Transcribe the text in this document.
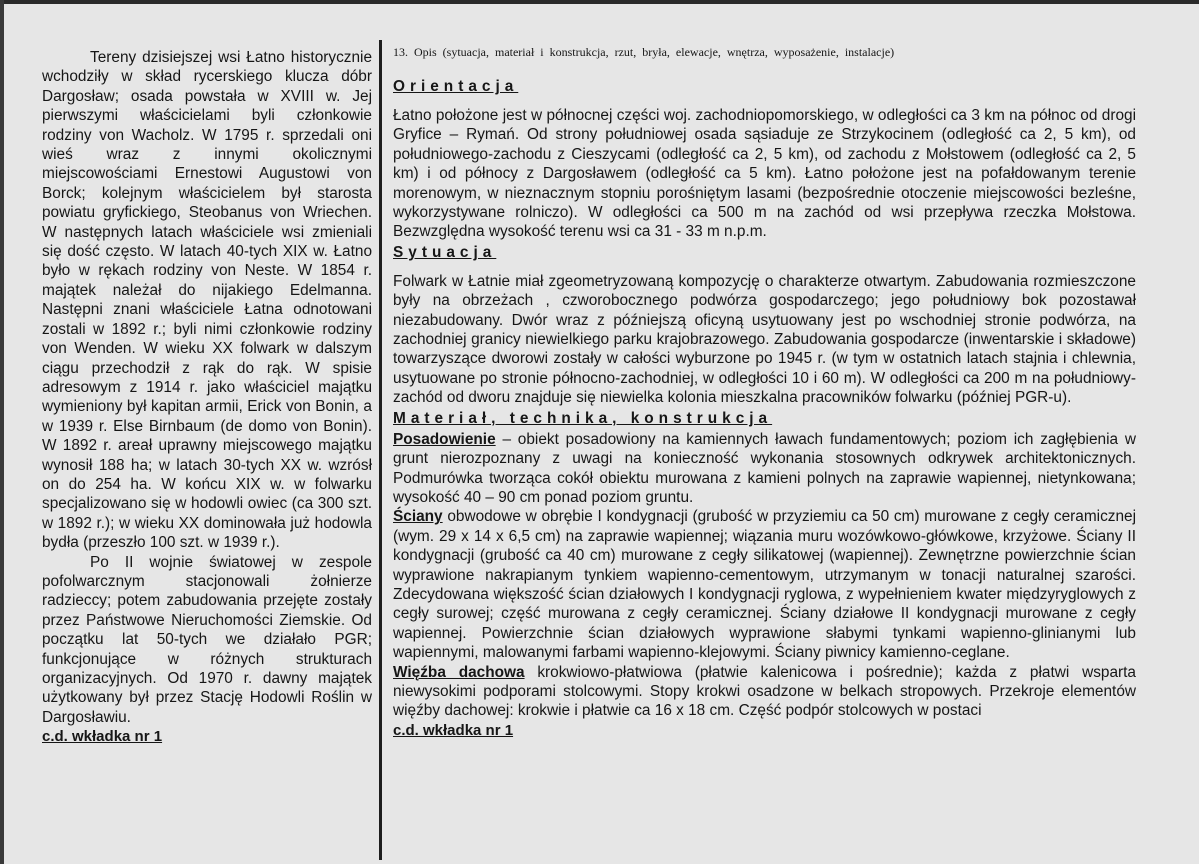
Tereny dzisiejszej wsi Łatno historycznie wchodziły w skład rycerskiego klucza dóbr Dargosław; osada powstała w XVIII w. Jej pierwszymi właścicielami byli członkowie rodziny von Wacholz. W 1795 r. sprzedali oni wieś wraz z innymi okolicznymi miejscowościami Ernestowi Augustowi von Borck; kolejnym właścicielem był starosta powiatu gryfickiego, Steobanus von Wriechen. W następnych latach właściciele wsi zmieniali się dość często. W latach 40-tych XIX w. Łatno było w rękach rodziny von Neste. W 1854 r. majątek należał do nijakiego Edelmanna. Następni znani właściciele Łatna odnotowani zostali w 1892 r.; byli nimi członkowie rodziny von Wenden. W wieku XX folwark w dalszym ciągu przechodził z rąk do rąk. W spisie adresowym z 1914 r. jako właściciel majątku wymieniony był kapitan armii, Erick von Bonin, a w 1939 r. Else Birnbaum (de domo von Bonin). W 1892 r. areał uprawny miejscowego majątku wynosił 188 ha; w latach 30-tych XX w. wzrósł on do 254 ha. W końcu XIX w. w folwarku specjalizowano się w hodowli owiec (ca 300 szt. w 1892 r.); w wieku XX dominowała już hodowla bydła (przeszło 100 szt. w 1939 r.).

Po II wojnie światowej w zespole pofolwarcznym stacjonowali żołnierze radzieccy; potem zabudowania przejęte zostały przez Państwowe Nieruchomości Ziemskie. Od początku lat 50-tych we działało PGR; funkcjonujące w różnych strukturach organizacyjnych. Od 1970 r. dawny majątek użytkowany był przez Stację Hodowli Roślin w Dargosławiu.

c.d. wkładka nr 1
13. Opis (sytuacja, materiał i konstrukcja, rzut, bryła, elewacje, wnętrza, wyposażenie, instalacje)
Orientacja

Łatno położone jest w północnej części woj. zachodniopomorskiego, w odległości ca 3 km na północ od drogi Gryfice – Rymań. Od strony południowej osada sąsiaduje ze Strzykocinem (odległość ca 2, 5 km), od południowego-zachodu z Cieszycami (odległość ca 2, 5 km), od zachodu z Mołstowem (odległość ca 2, 5 km) i od północy z Dargosławem (odległość ca 5 km). Łatno położone jest na pofałdowanym terenie morenowym, w nieznacznym stopniu porośniętym lasami (bezpośrednie otoczenie miejscowości bezleśne, wykorzystywane rolniczo). W odległości ca 500 m na zachód od wsi przepływa rzeczka Mołstowa. Bezwzględna wysokość terenu wsi ca 31 - 33 m n.p.m.

Sytuacja

Folwark w Łatnie miał zgeometryzowaną kompozycję o charakterze otwartym. Zabudowania rozmieszczone były na obrzeżach , czworobocznego podwórza gospodarczego; jego południowy bok pozostawał niezabudowany. Dwór wraz z późniejszą oficyną usytuowany jest po wschodniej stronie podwórza, na zachodniej granicy niewielkiego parku krajobrazowego. Zabudowania gospodarcze (inwentarskie i składowe) towarzyszące dworowi zostały w całości wyburzone po 1945 r. (w tym w ostatnich latach stajnia i chlewnia, usytuowane po stronie północno-zachodniej, w odległości 10 i 60 m). W odległości ca 200 m na południowy-zachód od dworu znajduje się niewielka kolonia mieszkalna pracowników folwarku (później PGR-u).

Materiał, technika, konstrukcja

Posadowienie – obiekt posadowiony na kamiennych ławach fundamentowych; poziom ich zagłębienia w grunt nierozpoznany z uwagi na konieczność wykonania stosownych odkrywek architektonicznych. Podmurówka tworząca cokół obiektu murowana z kamieni polnych na zaprawie wapiennej, nietynkowana; wysokość 40 – 90 cm ponad poziom gruntu.

Ściany obwodowe w obrębie I kondygnacji (grubość w przyziemiu ca 50 cm) murowane z cegły ceramicznej (wym. 29 x 14 x 6,5 cm) na zaprawie wapiennej; wiązania muru wozówkowo-główkowe, krzyżowe. Ściany II kondygnacji (grubość ca 40 cm) murowane z cegły silikatowej (wapiennej). Zewnętrzne powierzchnie ścian wyprawione nakrapianym tynkiem wapienno-cementowym, utrzymanym w tonacji naturalnej szarości. Zdecydowana większość ścian działowych I kondygnacji ryglowa, z wypełnieniem kwater międzyryglowych z cegły surowej; część murowana z cegły ceramicznej. Ściany działowe II kondygnacji murowane z cegły wapiennej. Powierzchnie ścian działowych wyprawione słabymi tynkami wapienno-glinianymi lub wapiennymi, malowanymi farbami wapienno-klejowymi. Ściany piwnicy kamienno-ceglane.

Więźba dachowa krokwiowo-płatwiowa (płatwie kalenicowa i pośrednie); każda z płatwi wsparta niewysokimi podporami stolcowymi. Stopy krokwi osadzone w belkach stropowych. Przekroje elementów więźby dachowej: krokwie i płatwie ca 16 x 18 cm. Część podpór stolcowych w postaci

c.d. wkładka nr 1
